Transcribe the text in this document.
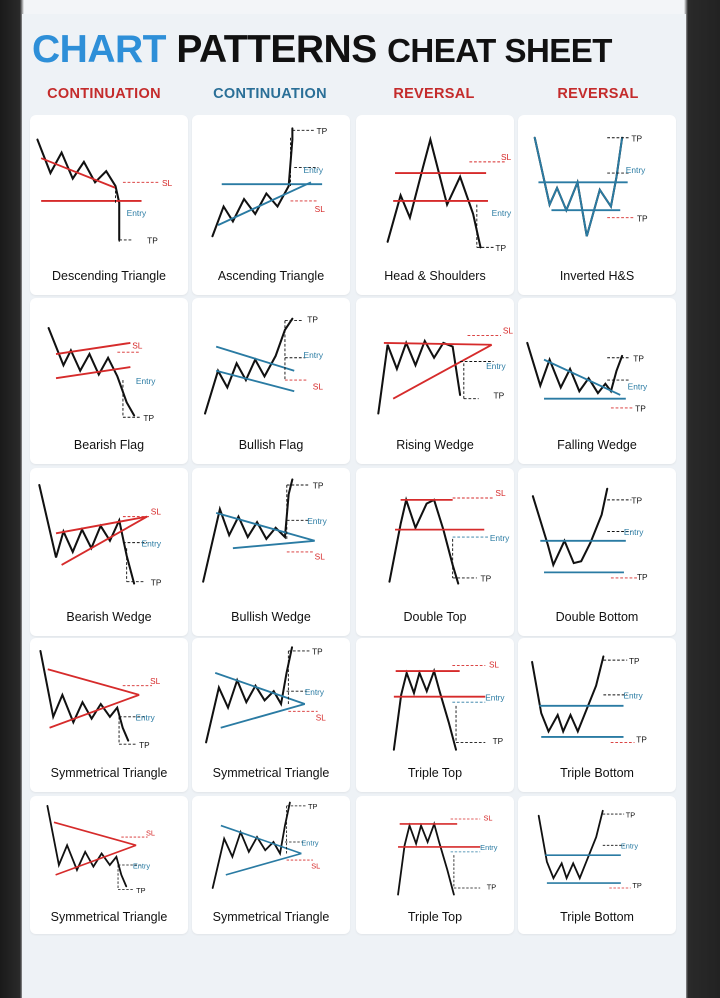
CHART PATTERNS CHEAT SHEET
CONTINUATION	CONTINUATION	REVERSAL	REVERSAL
SL
Entry
TP
Descending Triangle
TP
Entry
SL
Ascending Triangle
SL
Entry
TP
Head & Shoulders
TP
Entry
TP
Inverted H&S
SL
Entry
TP
Bearish Flag
TP
Entry
SL
Bullish Flag
SL
Entry
TP
Rising Wedge
TP
Entry
TP
Falling Wedge
SL
Entry
TP
Bearish Wedge
TP
Entry
SL
Bullish Wedge
SL
Entry
TP
Double Top
TP
Entry
TP
Double Bottom
SL
Entry
TP
Symmetrical Triangle
TP
Entry
SL
Symmetrical Triangle
SL
Entry
TP
Triple Top
TP
Entry
TP
Triple Bottom
SL
Entry
TP
Symmetrical Triangle
TP
Entry
SL
Symmetrical Triangle
SL
Entry
TP
Triple Top
TP
Entry
TP
Triple Bottom
